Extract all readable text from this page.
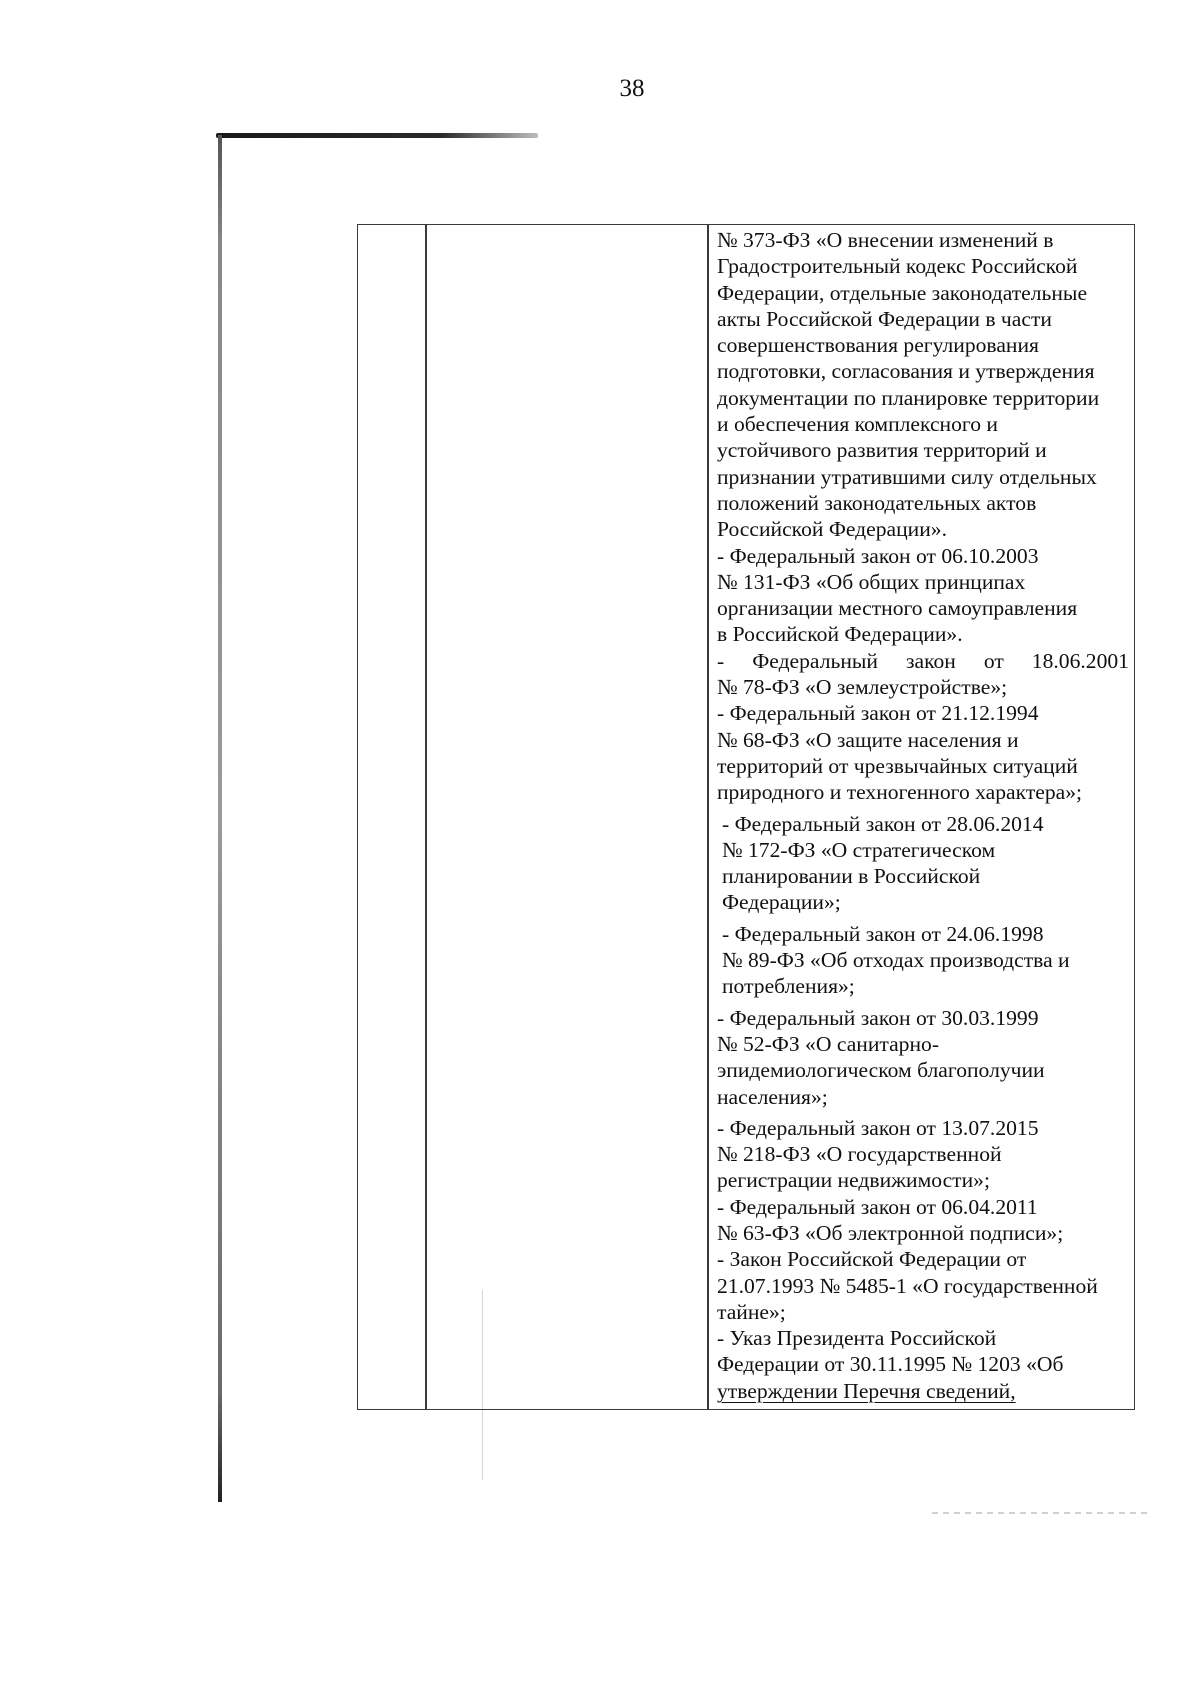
38
№ 373-ФЗ «О внесении изменений в
Градостроительный кодекс Российской
Федерации, отдельные законодательные
акты Российской Федерации в части
совершенствования регулирования
подготовки, согласования и утверждения
документации по планировке территории
и обеспечения комплексного и
устойчивого развития территорий и
признании утратившими силу отдельных
положений законодательных актов
Российской Федерации».
- Федеральный закон от 06.10.2003
№ 131-ФЗ «Об общих принципах
организации местного самоуправления
в Российской Федерации».
- Федеральный закон от 18.06.2001
№ 78-ФЗ «О землеустройстве»;
- Федеральный закон от 21.12.1994
№ 68-ФЗ «О защите населения и
территорий от чрезвычайных ситуаций
природного и техногенного характера»;
- Федеральный закон от 28.06.2014
№ 172-ФЗ «О стратегическом
планировании в Российской
Федерации»;
- Федеральный закон от 24.06.1998
№ 89-ФЗ «Об отходах производства и
потребления»;
- Федеральный закон от 30.03.1999
№ 52-ФЗ «О санитарно-
эпидемиологическом благополучии
населения»;
- Федеральный закон от 13.07.2015
№ 218-ФЗ «О государственной
регистрации недвижимости»;
- Федеральный закон от 06.04.2011
№ 63-ФЗ «Об электронной подписи»;
- Закон Российской Федерации от
21.07.1993 № 5485-1 «О государственной
тайне»;
- Указ Президента Российской
Федерации от 30.11.1995 № 1203 «Об
утверждении Перечня сведений,
